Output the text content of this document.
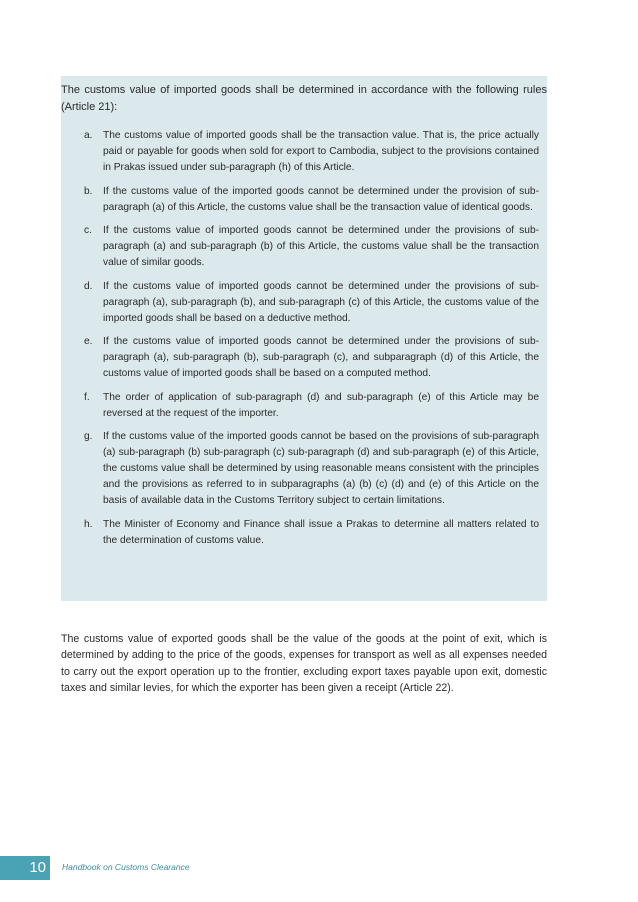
The customs value of imported goods shall be determined in accordance with the following rules (Article 21):

a. The customs value of imported goods shall be the transaction value. That is, the price actually paid or payable for goods when sold for export to Cambodia, subject to the provisions contained in Prakas issued under sub-paragraph (h) of this Article.
b. If the customs value of the imported goods cannot be determined under the provision of sub-paragraph (a) of this Article, the customs value shall be the transaction value of identical goods.
c. If the customs value of imported goods cannot be determined under the provisions of sub-paragraph (a) and sub-paragraph (b) of this Article, the customs value shall be the transaction value of similar goods.
d. If the customs value of imported goods cannot be determined under the provisions of sub-paragraph (a), sub-paragraph (b), and sub-paragraph (c) of this Article, the customs value of the imported goods shall be based on a deductive method.
e. If the customs value of imported goods cannot be determined under the provisions of sub-paragraph (a), sub-paragraph (b), sub-paragraph (c), and subparagraph (d) of this Article, the customs value of imported goods shall be based on a computed method.
f. The order of application of sub-paragraph (d) and sub-paragraph (e) of this Article may be reversed at the request of the importer.
g. If the customs value of the imported goods cannot be based on the provisions of sub-paragraph (a) sub-paragraph (b) sub-paragraph (c) sub-paragraph (d) and sub-paragraph (e) of this Article, the customs value shall be determined by using reasonable means consistent with the principles and the provisions as referred to in subparagraphs (a) (b) (c) (d) and (e) of this Article on the basis of available data in the Customs Territory subject to certain limitations.
h. The Minister of Economy and Finance shall issue a Prakas to determine all matters related to the determination of customs value.

The customs value of exported goods shall be the value of the goods at the point of exit, which is determined by adding to the price of the goods, expenses for transport as well as all expenses needed to carry out the export operation up to the frontier, excluding export taxes payable upon exit, domestic taxes and similar levies, for which the exporter has been given a receipt (Article 22).

10	Handbook on Customs Clearance
